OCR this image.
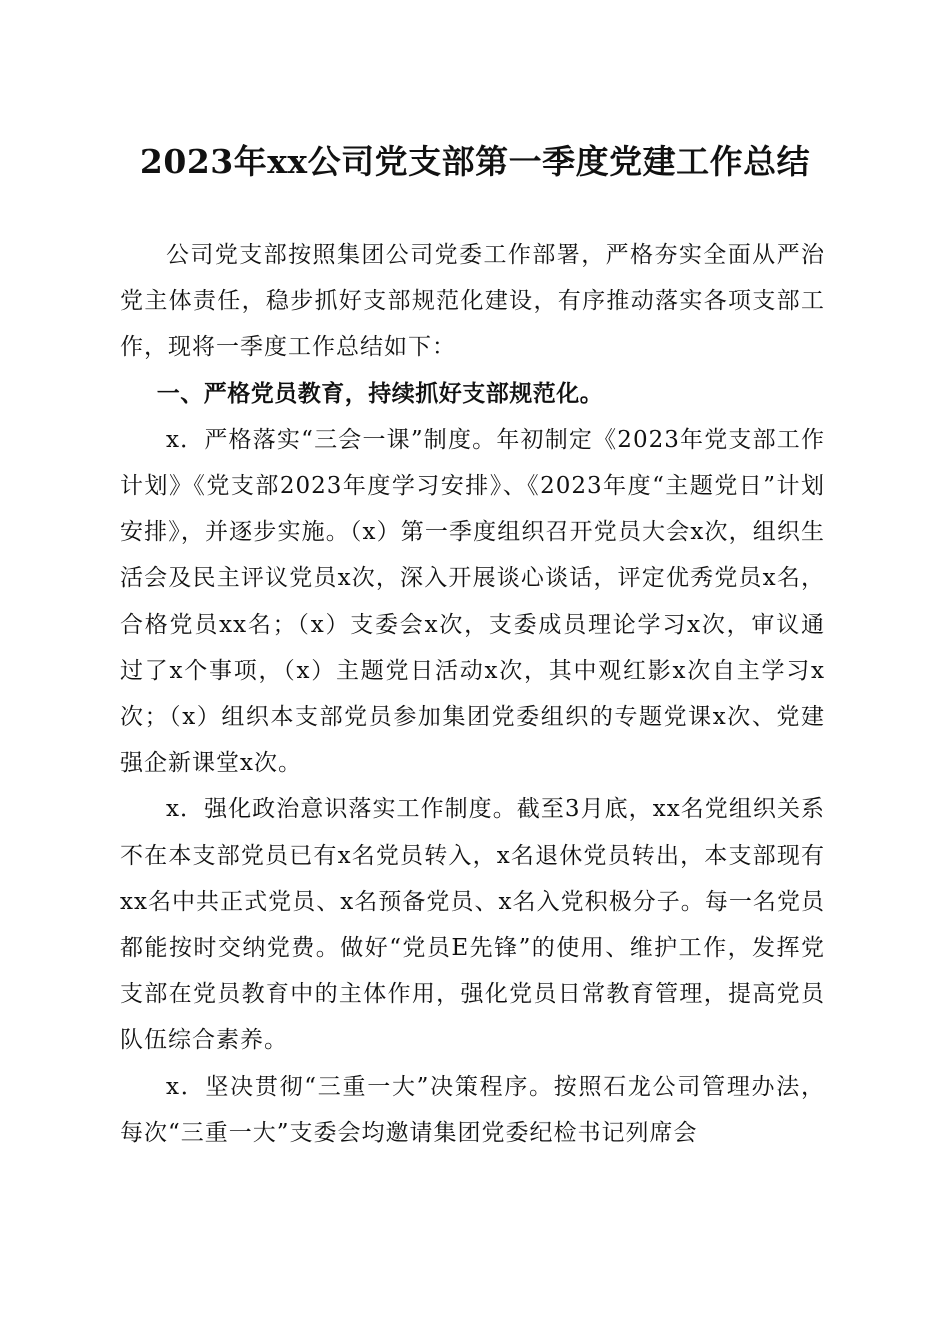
2023年xx公司党支部第一季度党建工作总结

公司党支部按照集团公司党委工作部署，严格夯实全面从严治党主体责任，稳步抓好支部规范化建设，有序推动落实各项支部工作，现将一季度工作总结如下：

一、严格党员教育，持续抓好支部规范化。

x．严格落实“三会一课”制度。年初制定《2023年党支部工作计划》《党支部2023年度学习安排》、《2023年度“主题党日”计划安排》，并逐步实施。（x）第一季度组织召开党员大会x次，组织生活会及民主评议党员x次，深入开展谈心谈话，评定优秀党员x名，合格党员xx名；（x）支委会x次，支委成员理论学习x次，审议通过了x个事项，（x）主题党日活动x次，其中观红影x次自主学习x次；（x）组织本支部党员参加集团党委组织的专题党课x次、党建强企新课堂x次。

x．强化政治意识落实工作制度。截至3月底，xx名党组织关系不在本支部党员已有x名党员转入，x名退休党员转出，本支部现有xx名中共正式党员、x名预备党员、x名入党积极分子。每一名党员都能按时交纳党费。做好“党员E先锋”的使用、维护工作，发挥党支部在党员教育中的主体作用，强化党员日常教育管理，提高党员队伍综合素养。

x．坚决贯彻“三重一大”决策程序。按照石龙公司管理办法，每次“三重一大”支委会均邀请集团党委纪检书记列席会
